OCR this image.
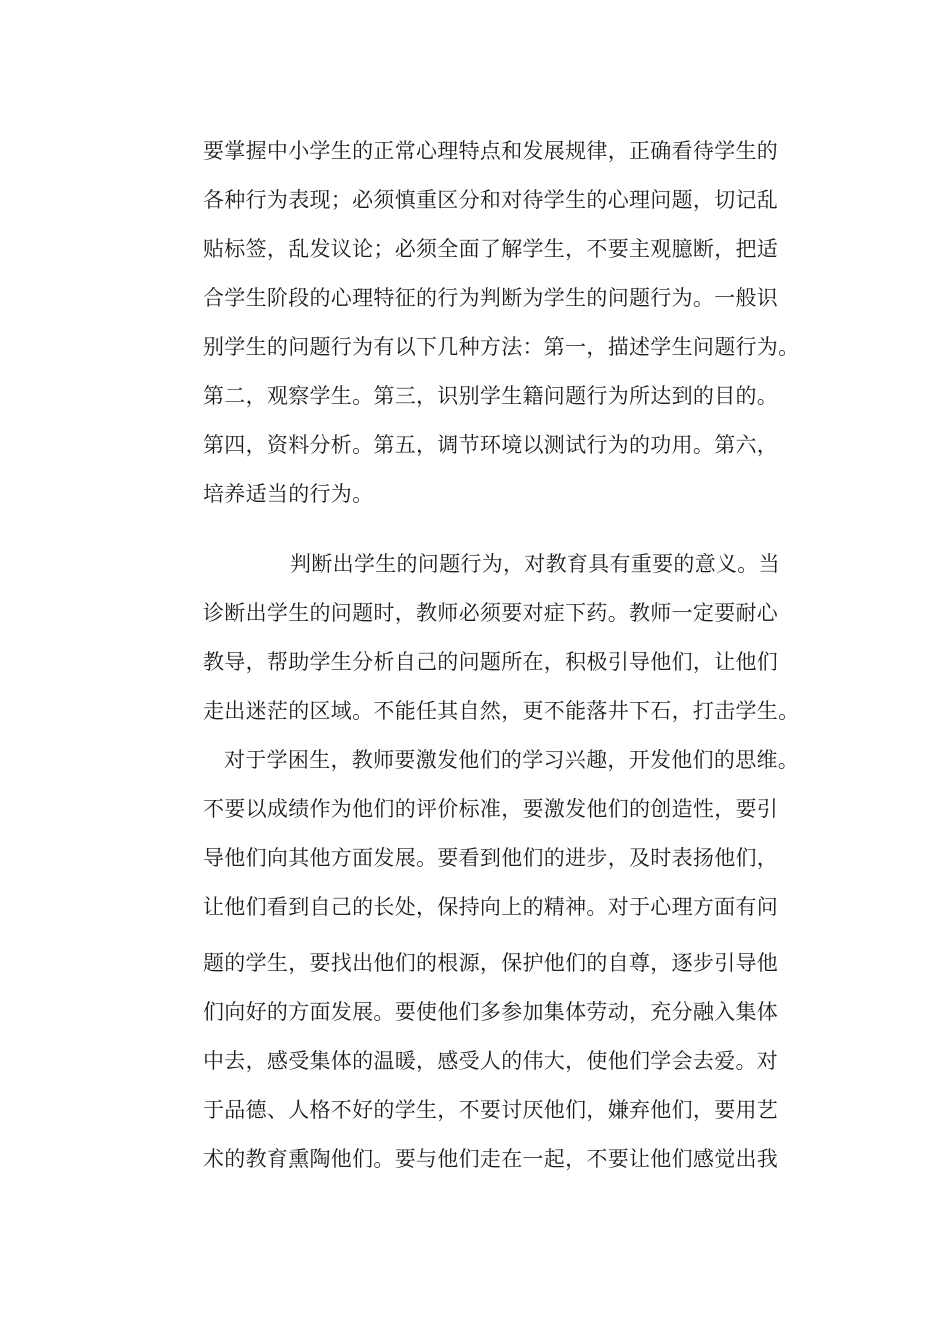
要掌握中小学生的正常心理特点和发展规律，正确看待学生的
各种行为表现；必须慎重区分和对待学生的心理问题，切记乱
贴标签，乱发议论；必须全面了解学生，不要主观臆断，把适
合学生阶段的心理特征的行为判断为学生的问题行为。一般识
别学生的问题行为有以下几种方法：第一，描述学生问题行为。
第二，观察学生。第三，识别学生籍问题行为所达到的目的。
第四，资料分析。第五，调节环境以测试行为的功用。第六，
培养适当的行为。
判断出学生的问题行为，对教育具有重要的意义。当
诊断出学生的问题时，教师必须要对症下药。教师一定要耐心
教导，帮助学生分析自己的问题所在，积极引导他们，让他们
走出迷茫的区域。不能任其自然，更不能落井下石，打击学生。
对于学困生，教师要激发他们的学习兴趣，开发他们的思维。
不要以成绩作为他们的评价标准，要激发他们的创造性，要引
导他们向其他方面发展。要看到他们的进步，及时表扬他们，
让他们看到自己的长处，保持向上的精神。对于心理方面有问
题的学生，要找出他们的根源，保护他们的自尊，逐步引导他
们向好的方面发展。要使他们多参加集体劳动，充分融入集体
中去，感受集体的温暖，感受人的伟大，使他们学会去爱。对
于品德、人格不好的学生，不要讨厌他们，嫌弃他们，要用艺
术的教育熏陶他们。要与他们走在一起，不要让他们感觉出我
